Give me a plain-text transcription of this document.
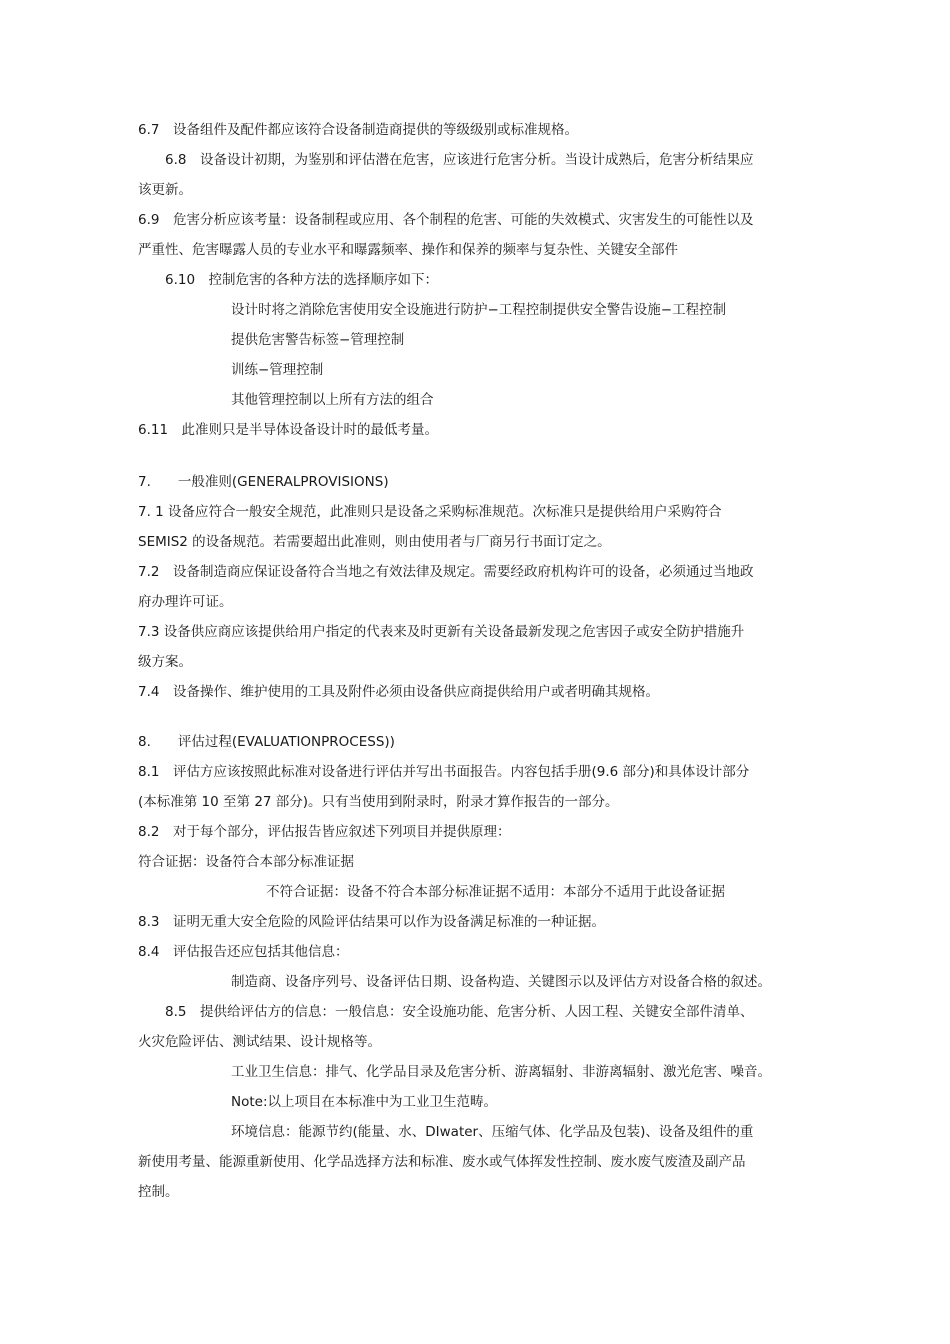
6.7　设备组件及配件都应该符合设备制造商提供的等级级别或标准规格。
6.8　设备设计初期，为鉴别和评估潜在危害，应该进行危害分析。当设计成熟后，危害分析结果应
该更新。
6.9　危害分析应该考量：设备制程或应用、各个制程的危害、可能的失效模式、灾害发生的可能性以及
严重性、危害曝露人员的专业水平和曝露频率、操作和保养的频率与复杂性、关键安全部件
6.10　控制危害的各种方法的选择顺序如下：
设计时将之消除危害使用安全设施进行防护−工程控制提供安全警告设施−工程控制
提供危害警告标签−管理控制
训练−管理控制
其他管理控制以上所有方法的组合
6.11　此准则只是半导体设备设计时的最低考量。
7.　　一般准则(GENERALPROVISIONS)
7. 1 设备应符合一般安全规范，此准则只是设备之采购标准规范。次标准只是提供给用户采购符合
SEMIS2 的设备规范。若需要超出此准则，则由使用者与厂商另行书面订定之。
7.2　设备制造商应保证设备符合当地之有效法律及规定。需要经政府机构许可的设备，必须通过当地政
府办理许可证。
7.3 设备供应商应该提供给用户指定的代表来及时更新有关设备最新发现之危害因子或安全防护措施升
级方案。
7.4　设备操作、维护使用的工具及附件必须由设备供应商提供给用户或者明确其规格。
8.　　评估过程(EVALUATIONPROCESS))
8.1　评估方应该按照此标准对设备进行评估并写出书面报告。内容包括手册(9.6 部分)和具体设计部分
(本标准第 10 至第 27 部分)。只有当使用到附录时，附录才算作报告的一部分。
8.2　对于每个部分，评估报告皆应叙述下列项目并提供原理：
符合证据：设备符合本部分标准证据
不符合证据：设备不符合本部分标准证据不适用：本部分不适用于此设备证据
8.3　证明无重大安全危险的风险评估结果可以作为设备满足标准的一种证据。
8.4　评估报告还应包括其他信息：
制造商、设备序列号、设备评估日期、设备构造、关键图示以及评估方对设备合格的叙述。
8.5　提供给评估方的信息：一般信息：安全设施功能、危害分析、人因工程、关键安全部件清单、
火灾危险评估、测试结果、设计规格等。
工业卫生信息：排气、化学品目录及危害分析、游离辐射、非游离辐射、激光危害、噪音。
Note:以上项目在本标准中为工业卫生范畴。
环境信息：能源节约(能量、水、DIwater、压缩气体、化学品及包装)、设备及组件的重
新使用考量、能源重新使用、化学品选择方法和标准、废水或气体挥发性控制、废水废气废渣及副产品
控制。
